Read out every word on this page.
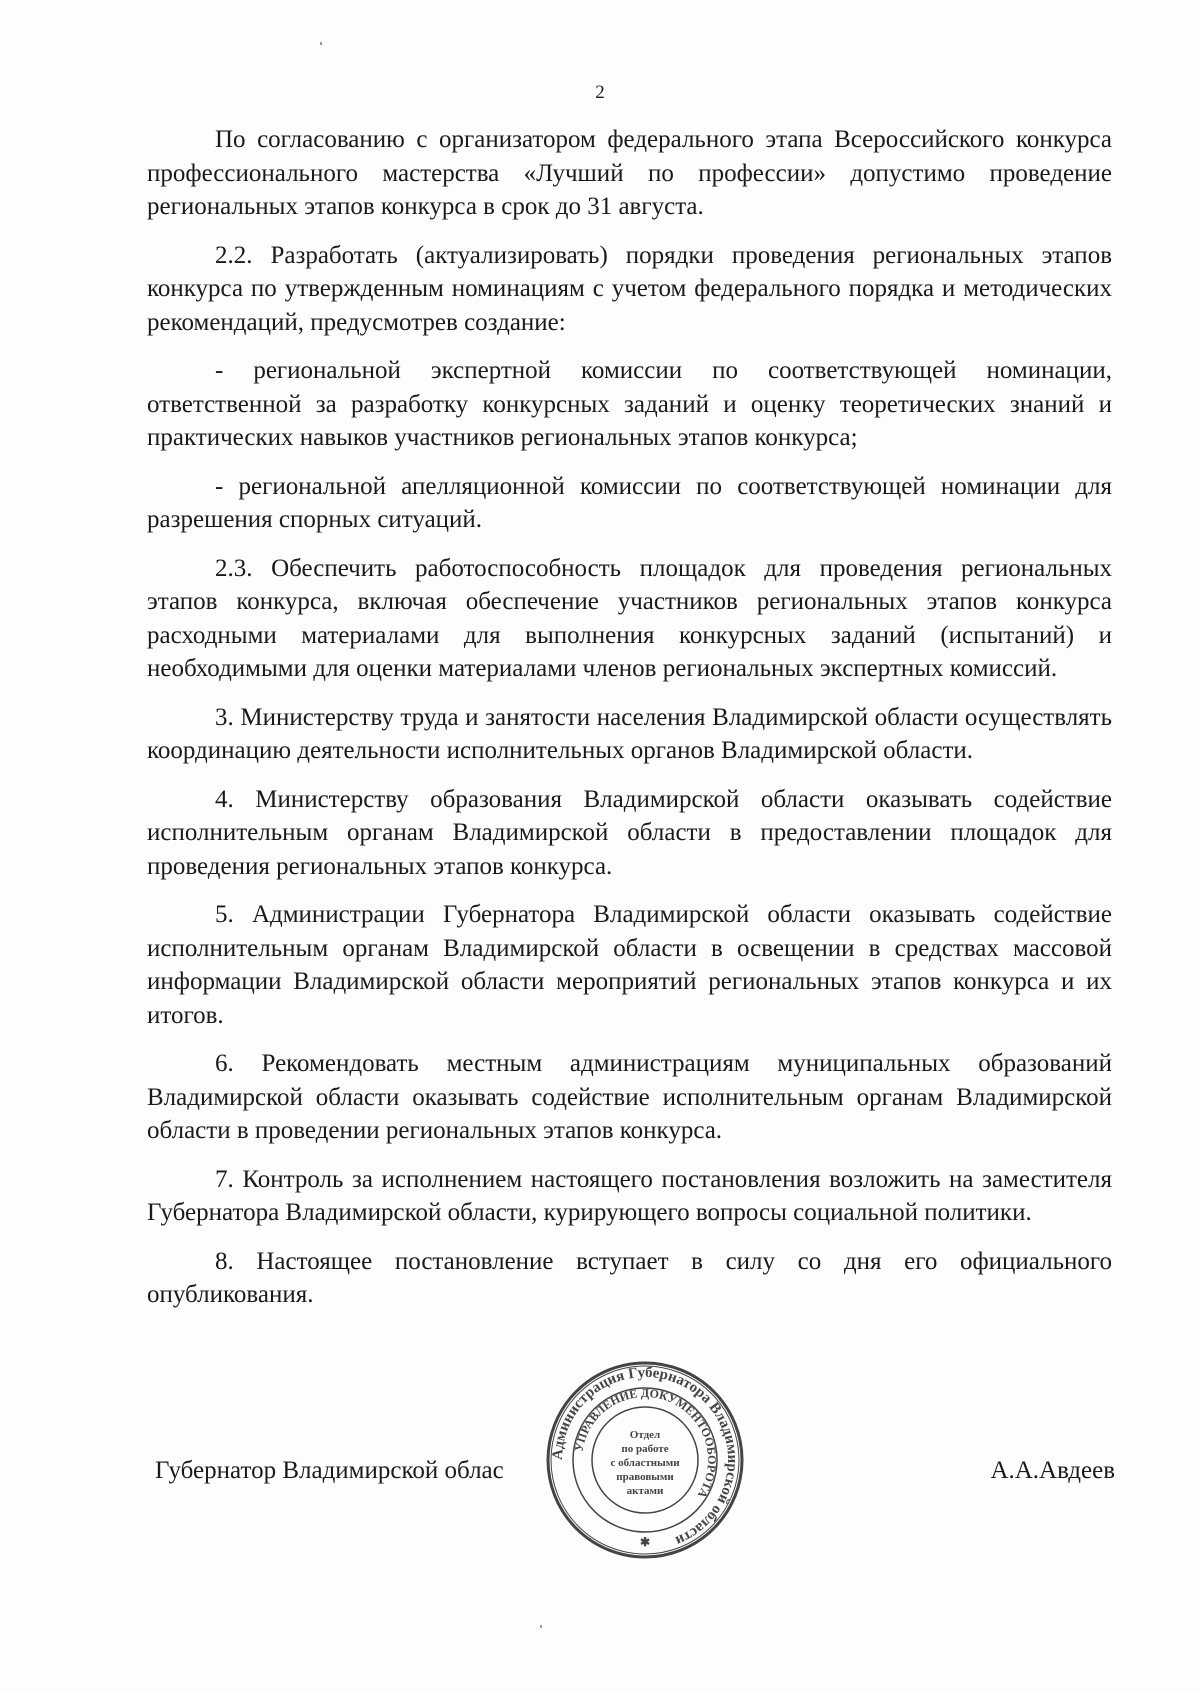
2

По согласованию с организатором федерального этапа Всероссийского конкурса профессионального мастерства «Лучший по профессии» допустимо проведение региональных этапов конкурса в срок до 31 августа.

2.2. Разработать (актуализировать) порядки проведения региональных этапов конкурса по утвержденным номинациям с учетом федерального порядка и методических рекомендаций, предусмотрев создание:

- региональной экспертной комиссии по соответствующей номинации, ответственной за разработку конкурсных заданий и оценку теоретических знаний и практических навыков участников региональных этапов конкурса;

- региональной апелляционной комиссии по соответствующей номинации для разрешения спорных ситуаций.

2.3. Обеспечить работоспособность площадок для проведения региональных этапов конкурса, включая обеспечение участников региональных этапов конкурса расходными материалами для выполнения конкурсных заданий (испытаний) и необходимыми для оценки материалами членов региональных экспертных комиссий.

3. Министерству труда и занятости населения Владимирской области осуществлять координацию деятельности исполнительных органов Владимирской области.

4. Министерству образования Владимирской области оказывать содействие исполнительным органам Владимирской области в предоставлении площадок для проведения региональных этапов конкурса.

5. Администрации Губернатора Владимирской области оказывать содействие исполнительным органам Владимирской области в освещении в средствах массовой информации Владимирской области мероприятий региональных этапов конкурса и их итогов.

6. Рекомендовать местным администрациям муниципальных образований Владимирской области оказывать содействие исполнительным органам Владимирской области в проведении региональных этапов конкурса.

7. Контроль за исполнением настоящего постановления возложить на заместителя Губернатора Владимирской области, курирующего вопросы социальной политики.

8. Настоящее постановление вступает в силу со дня его официального опубликования.

Губернатор Владимирской облас	А.А.Авдеев
Администрация Губернатора Владимирской области
УПРАВЛЕНИЕ ДОКУМЕНТООБОРОТА
Отдел
по работе
с областными
правовыми
актами
✱
